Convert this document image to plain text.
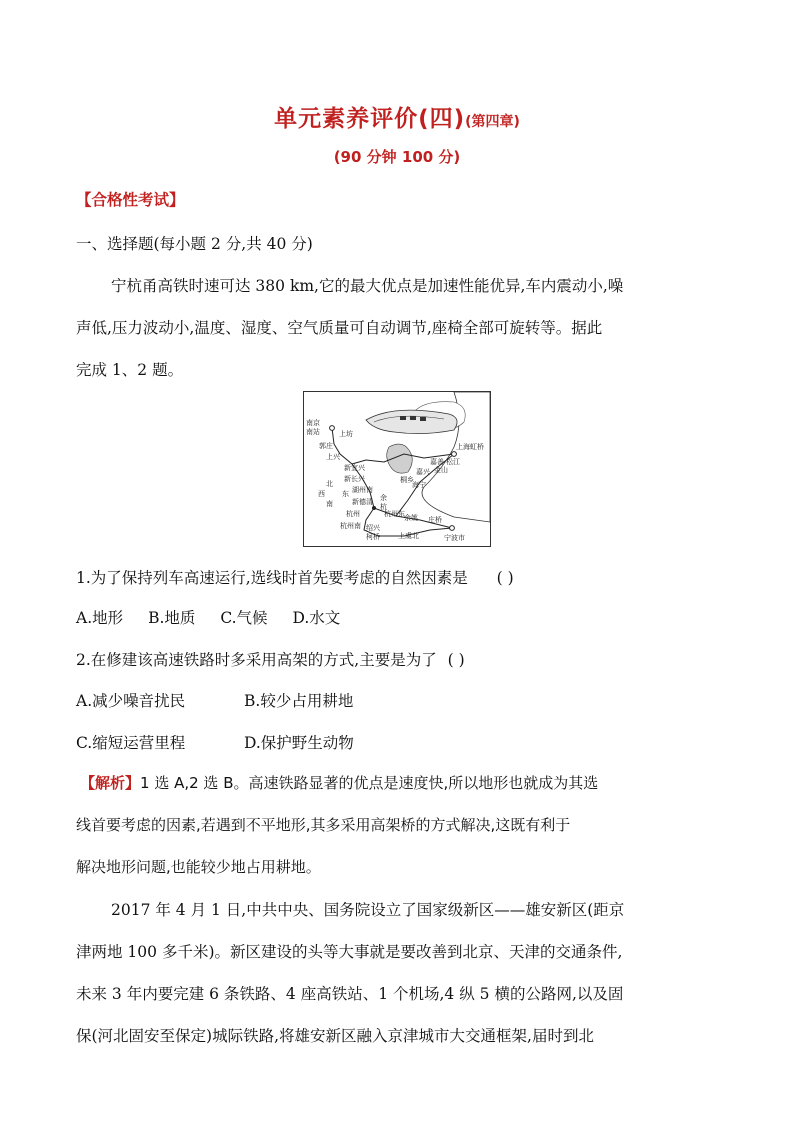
单元素养评价(四)(第四章)
(90 分钟 100 分)
【合格性考试】
一、选择题(每小题 2 分,共 40 分)
宁杭甬高铁时速可达 380 km,它的最大优点是加速性能优异,车内震动小,噪
声低,压力波动小,温度、湿度、空气质量可自动调节,座椅全部可旋转等。据此
完成 1、2 题。
南京
南站	上坊
郭庄
上兴
新宜兴
新长兴
湖州南
北
西 东
南	新德清 余
杭
杭州	杭州东
杭州南 绍兴
柯桥	上虞北
余姚 庄桥
宁波市
嘉兴
桐乡
海宁
嘉善
金山
松江
上海虹桥
1.为了保持列车高速运行,选线时首先要考虑的自然因素是 ( )
A.地形 B.地质 C.气候 D.水文
2.在修建该高速铁路时多采用高架的方式,主要是为了 ( )
A.减少噪音扰民	B.较少占用耕地
C.缩短运营里程	D.保护野生动物
【解析】1 选 A,2 选 B。高速铁路显著的优点是速度快,所以地形也就成为其选
线首要考虑的因素,若遇到不平地形,其多采用高架桥的方式解决,这既有利于
解决地形问题,也能较少地占用耕地。
2017 年 4 月 1 日,中共中央、国务院设立了国家级新区——雄安新区(距京
津两地 100 多千米)。新区建设的头等大事就是要改善到北京、天津的交通条件,
未来 3 年内要完建 6 条铁路、4 座高铁站、1 个机场,4 纵 5 横的公路网,以及固
保(河北固安至保定)城际铁路,将雄安新区融入京津城市大交通框架,届时到北
